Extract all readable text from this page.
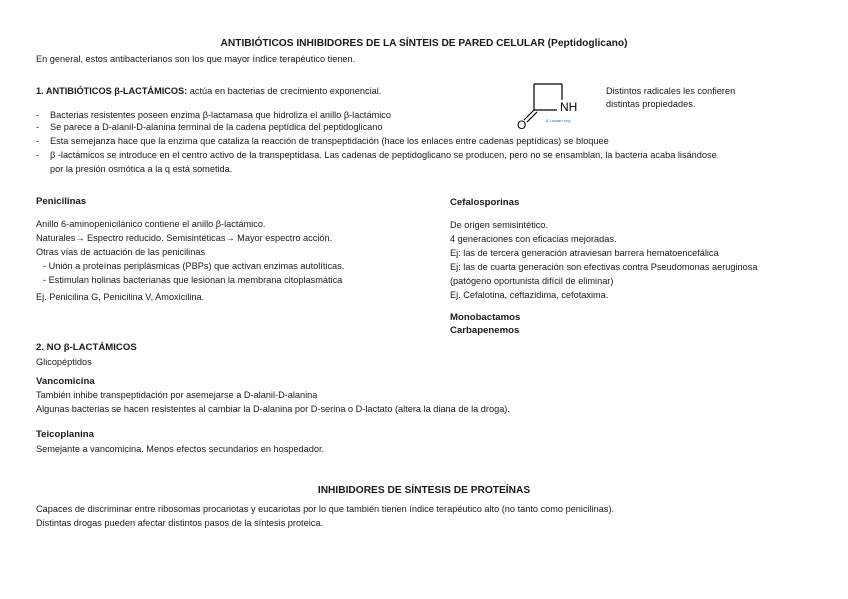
ANTIBIÓTICOS INHIBIDORES DE LA SÍNTEIS DE PARED CELULAR (Peptidoglicano)
En general, estos antibacterianos son los que mayor índice terapéutico tienen.
1. ANTIBIÓTICOS β-LACTÁMICOS: actúa en bacterias de crecimiento exponencial.
NH
O	β-Lactam ring
Distintos radicales les confieren
distintas propiedades.
-	Bacterias resistentes poseen enzima β-lactamasa que hidroliza el anillo β-lactámico
-	Se parece a D-alanil-D-alanina terminal de la cadena peptídica del peptidoglicano
-	Esta semejanza hace que la enzima que cataliza la reacción de transpeptidación (hace los enlaces entre cadenas peptídicas) se bloquee
-	β -lactámicos se introduce en el centro activo de la transpeptidasa. Las cadenas de peptidoglicano se producen, pero no se ensamblan, la bacteria acaba lisándose
por la presión osmótica a la q está sometida.
Penicilinas
Anillo 6-aminopenicilánico contiene el anillo β-lactámico.
Naturales→ Espectro reducido. Semisintéticas→ Mayor espectro acción.
Otras vías de actuación de las penicilinas
- Unión a proteínas periplásmicas (PBPs) que activan enzimas autolíticas.
- Estimulan holinas bacterianas que lesionan la membrana citoplasmática
Ej. Penicilina G, Penicilina V, Amoxicilina.
Cefalosporinas
De origen semisintético.
4 generaciones con eficacias mejoradas.
Ej: las de tercera generación atraviesan barrera hematoencefálica
Ej: las de cuarta generación son efectivas contra Pseudomonas aeruginosa
(patógeno oportunista difícil de eliminar)
Ej. Cefalotina, ceftazidima, cefotaxima.
Monobactamos
Carbapenemos
2. NO β-LACTÁMICOS
Glicopéptidos
Vancomicina
También inhibe transpeptidación por asemejarse a D-alanil-D-alanina
Algunas bacterias se hacen resistentes al cambiar la D-alanina por D-serina o D-lactato (altera la diana de la droga).
Teicoplanina
Semejante a vancomicina. Menos efectos secundarios en hospedador.
INHIBIDORES DE SÍNTESIS DE PROTEÍNAS
Capaces de discriminar entre ribosomas procariotas y eucariotas por lo que también tienen índice terapéutico alto (no tanto como penicilinas).
Distintas drogas pueden afectar distintos pasos de la síntesis proteica.
